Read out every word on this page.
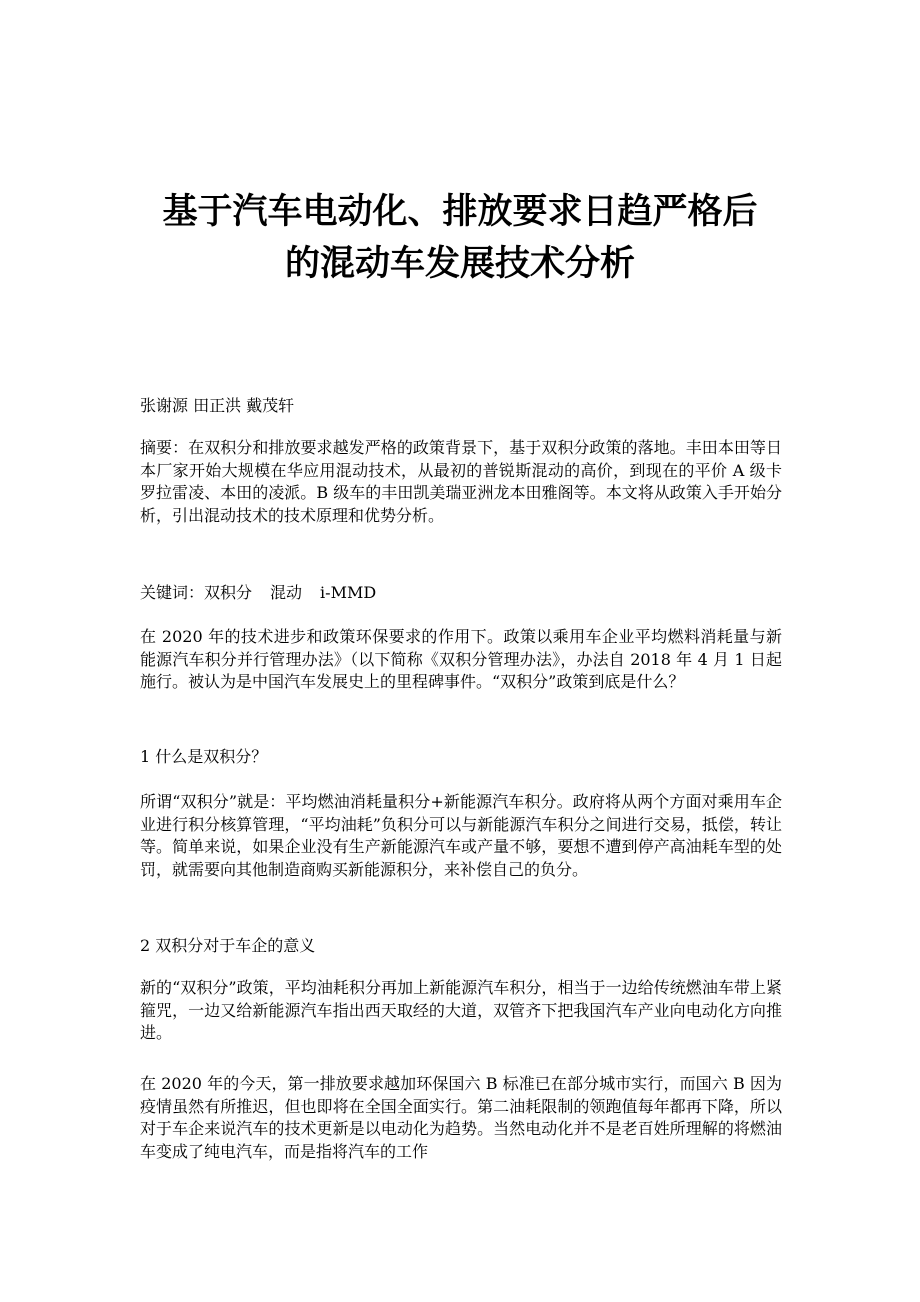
基于汽车电动化、排放要求日趋严格后
的混动车发展技术分析

张谢源 田正洪 戴茂轩

摘要：在双积分和排放要求越发严格的政策背景下，基于双积分政策的落地。丰田本田等日本厂家开始大规模在华应用混动技术，从最初的普锐斯混动的高价，到现在的平价 A 级卡罗拉雷凌、本田的凌派。B 级车的丰田凯美瑞亚洲龙本田雅阁等。本文将从政策入手开始分析，引出混动技术的技术原理和优势分析。

关键词：双积分 混动 i-MMD

在 2020 年的技术进步和政策环保要求的作用下。政策以乘用车企业平均燃料消耗量与新能源汽车积分并行管理办法》（以下简称《双积分管理办法》，办法自 2018 年 4 月 1 日起施行。被认为是中国汽车发展史上的里程碑事件。“双积分”政策到底是什么？

1 什么是双积分？

所谓“双积分”就是：平均燃油消耗量积分+新能源汽车积分。政府将从两个方面对乘用车企业进行积分核算管理，“平均油耗”负积分可以与新能源汽车积分之间进行交易，抵偿，转让等。简单来说，如果企业没有生产新能源汽车或产量不够，要想不遭到停产高油耗车型的处罚，就需要向其他制造商购买新能源积分，来补偿自己的负分。

2 双积分对于车企的意义

新的“双积分”政策，平均油耗积分再加上新能源汽车积分，相当于一边给传统燃油车带上紧箍咒，一边又给新能源汽车指出西天取经的大道，双管齐下把我国汽车产业向电动化方向推进。

在 2020 年的今天，第一排放要求越加环保国六 B 标准已在部分城市实行，而国六 B 因为疫情虽然有所推迟，但也即将在全国全面实行。第二油耗限制的领跑值每年都再下降，所以对于车企来说汽车的技术更新是以电动化为趋势。当然电动化并不是老百姓所理解的将燃油车变成了纯电汽车，而是指将汽车的工作
